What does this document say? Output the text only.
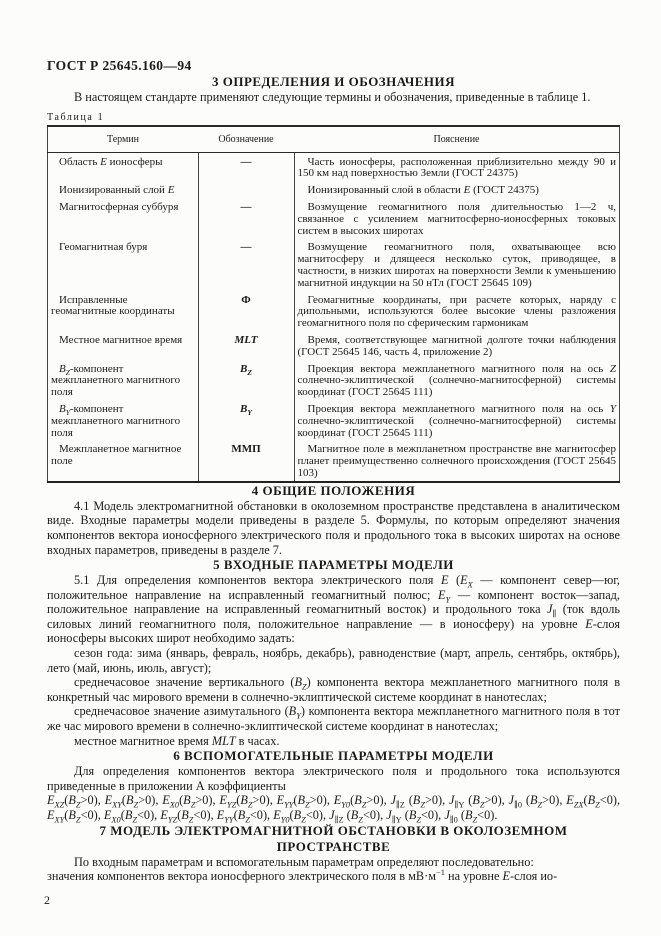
ГОСТ Р 25645.160—94
3 ОПРЕДЕЛЕНИЯ И ОБОЗНАЧЕНИЯ

В настоящем стандарте применяют следующие термины и обозначения, приведенные в таблице 1.

Таблица 1
Термин	Обозначение	Пояснение
Область E ионосферы	—	Часть ионосферы, расположенная приблизительно между 90 и 150 км над поверхностью Земли (ГОСТ 24375)
Ионизированный слой E		Ионизированный слой в области E (ГОСТ 24375)
Магнитосферная суббуря	—	Возмущение геомагнитного поля длительностью 1—2 ч, связанное с усилением магнитосферно-ионосферных токовых систем в высоких широтах
Геомагнитная буря	—	Возмущение геомагнитного поля, охватывающее всю магнитосферу и длящееся несколько суток, приводящее, в частности, в низких широтах на поверхности Земли к уменьшению магнитной индукции на 50 нТл (ГОСТ 25645 109)
Исправленные геомагнитные координаты	Ф	Геомагнитные координаты, при расчете которых, наряду с дипольными, используются более высокие члены разложения геомагнитного поля по сферическим гармоникам
Местное магнитное время	MLT	Время, соответствующее магнитной долготе точки наблюдения (ГОСТ 25645 146, часть 4, приложение 2)
$B_Z$-компонент межпланетного магнитного поля	$B_Z$	Проекция вектора межпланетного магнитного поля на ось Z солнечно-эклиптической (солнечно-магнитосферной) системы координат (ГОСТ 25645 111)
$B_Y$-компонент межпланетного магнитного поля	$B_Y$	Проекция вектора межпланетного магнитного поля на ось Y солнечно-эклиптической (солнечно-магнитосферной) системы координат (ГОСТ 25645 111)
Межпланетное магнитное поле	ММП	Магнитное поле в межпланетном пространстве вне магнитосфер планет преимущественно солнечного происхождения (ГОСТ 25645 103)
4 ОБЩИЕ ПОЛОЖЕНИЯ

4.1 Модель электромагнитной обстановки в околоземном пространстве представлена в аналитическом виде. Входные параметры модели приведены в разделе 5. Формулы, по которым определяют значения компонентов вектора ионосферного электрического поля и продольного тока в высоких широтах на основе входных параметров, приведены в разделе 7.

5 ВХОДНЫЕ ПАРАМЕТРЫ МОДЕЛИ

5.1 Для определения компонентов вектора электрического поля E ($E_X$ — компонент север—юг, положительное направление на исправленный геомагнитный полюс; $E_Y$ — компонент восток—запад, положительное направление на исправленный геомагнитный восток) и продольного тока $J_\parallel$ (ток вдоль силовых линий геомагнитного поля, положительное направление — в ионосферу) на уровне E-слоя ионосферы высоких широт необходимо задать:

сезон года: зима (январь, февраль, ноябрь, декабрь), равноденствие (март, апрель, сентябрь, октябрь), лето (май, июнь, июль, август);

среднечасовое значение вертикального $(B_Z)$ компонента вектора межпланетного магнитного поля в конкретный час мирового времени в солнечно-эклиптической системе координат в нанотеслах;

среднечасовое значение азимутального $(B_Y)$ компонента вектора межпланетного магнитного поля в тот же час мирового времени в солнечно-эклиптической системе координат в нанотеслах;

местное магнитное время MLT в часах.

6 ВСПОМОГАТЕЛЬНЫЕ ПАРАМЕТРЫ МОДЕЛИ

Для определения компонентов вектора электрического поля и продольного тока используются приведенные в приложении А коэффициенты

$E_{XZ}(B_Z>0)$, $E_{XY}(B_Z>0)$, $E_{X0}(B_Z>0)$, $E_{YZ}(B_Z>0)$, $E_{YY}(B_Z>0)$, $E_{Y0}(B_Z>0)$, $J_{\parallel Z}$ $(B_Z>0)$, $J_{\parallel Y}$ $(B_Z>0)$, $J_{\parallel 0}$ $(B_Z>0)$, $E_{ZX}(B_Z<0)$, $E_{XY}(B_Z<0)$, $E_{X0}(B_Z<0)$, $E_{YZ}(B_Z<0)$, $E_{YY}(B_Z<0)$, $E_{Y0}(B_Z<0)$, $J_{\parallel Z}$ $(B_Z<0)$, $J_{\parallel Y}$ $(B_Z<0)$, $J_{\parallel 0}$ $(B_Z<0)$.

7 МОДЕЛЬ ЭЛЕКТРОМАГНИТНОЙ ОБСТАНОВКИ В ОКОЛОЗЕМНОМ ПРОСТРАНСТВЕ

По входным параметрам и вспомогательным параметрам определяют последовательно:

значения компонентов вектора ионосферного электрического поля в $мВ\cdot м^{-1}$ на уровне E-слоя ио-

2
